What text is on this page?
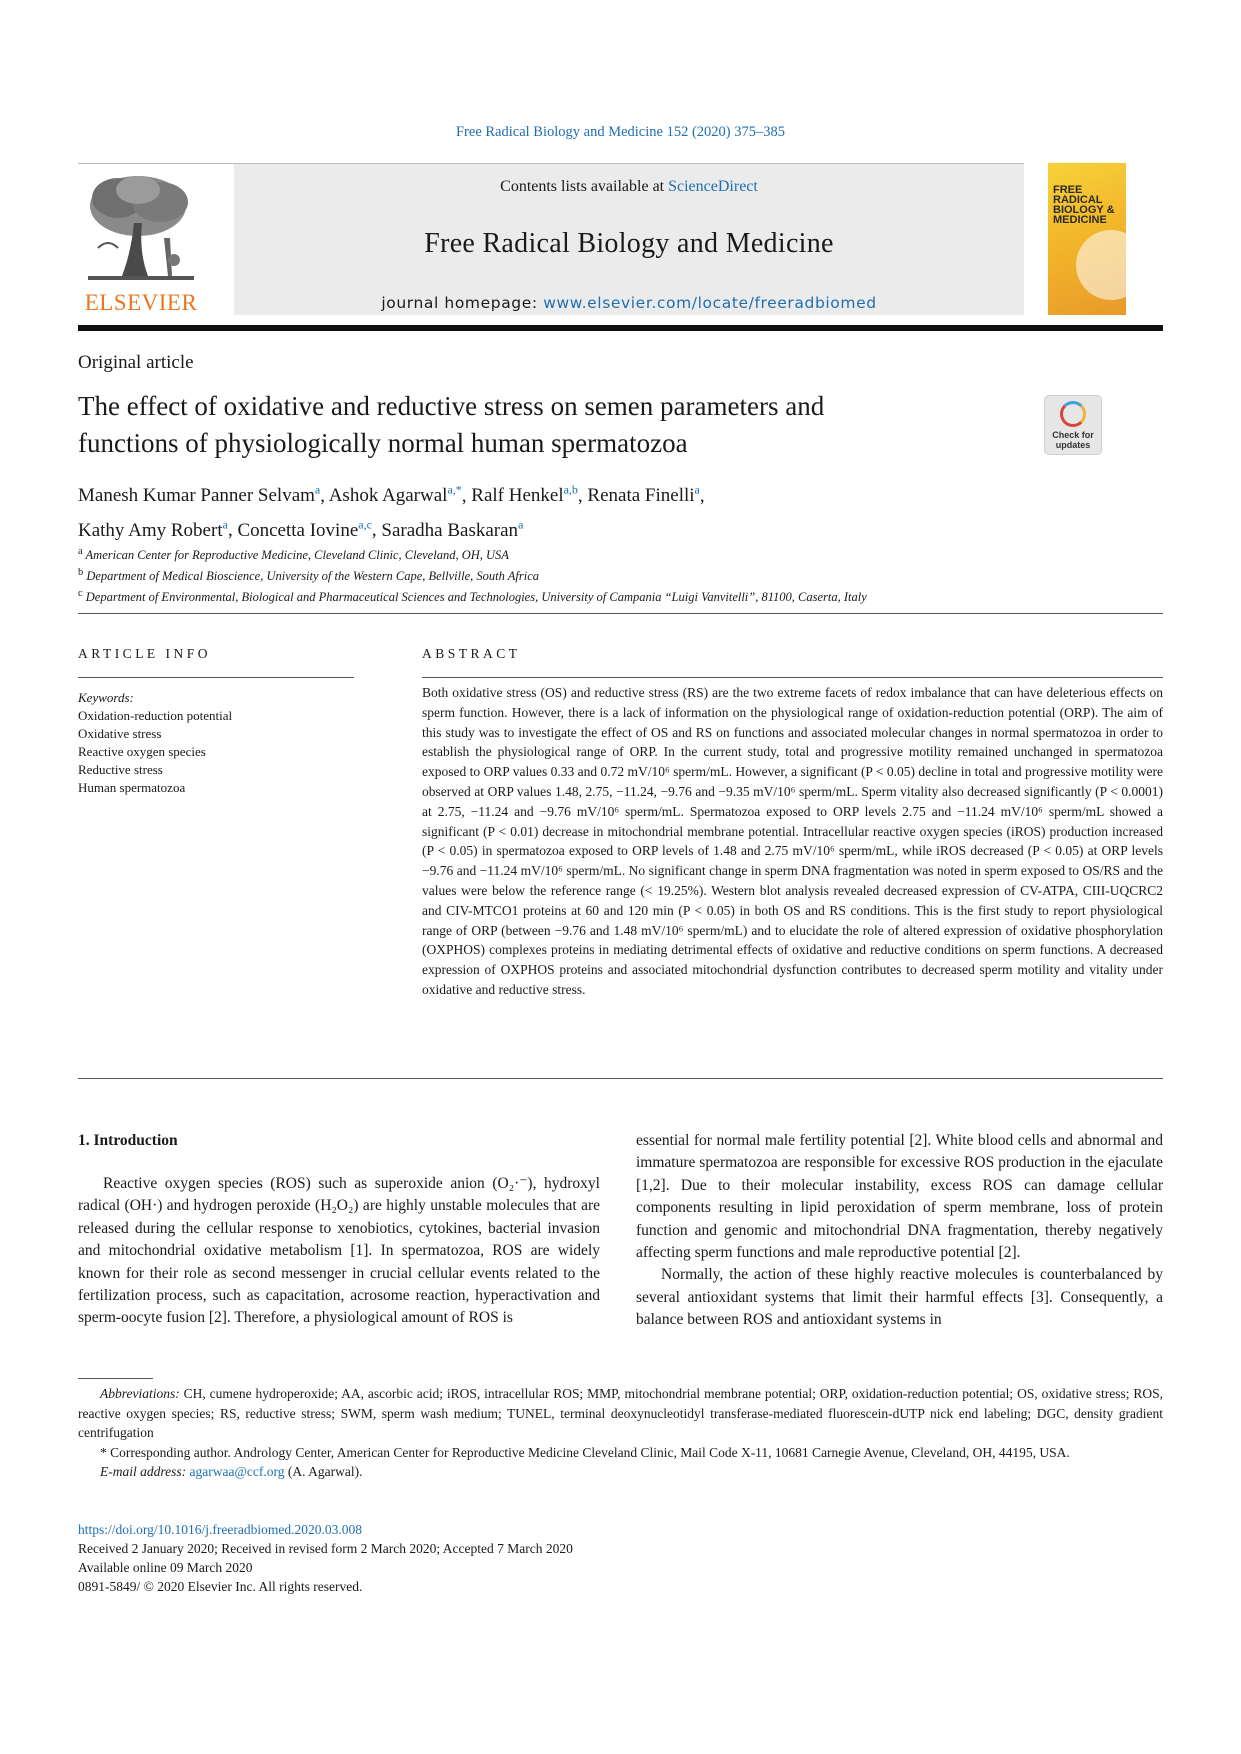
Free Radical Biology and Medicine 152 (2020) 375–385
Contents lists available at ScienceDirect
Free Radical Biology and Medicine
journal homepage: www.elsevier.com/locate/freeradbiomed
ELSEVIER
FREE RADICAL BIOLOGY & MEDICINE
Original article
The effect of oxidative and reductive stress on semen parameters and
functions of physiologically normal human spermatozoa	Check for updates
Manesh Kumar Panner Selvam$^a$, Ashok Agarwal$^{a,*}$, Ralf Henkel$^{a,b}$, Renata Finelli$^a$,
Kathy Amy Robert$^a$, Concetta Iovine$^{a,c}$, Saradha Baskaran$^a$
$^a$ American Center for Reproductive Medicine, Cleveland Clinic, Cleveland, OH, USA
$^b$ Department of Medical Bioscience, University of the Western Cape, Bellville, South Africa
$^c$ Department of Environmental, Biological and Pharmaceutical Sciences and Technologies, University of Campania “Luigi Vanvitelli”, 81100, Caserta, Italy
ARTICLE INFO
Keywords:
Oxidation-reduction potential
Oxidative stress
Reactive oxygen species
Reductive stress
Human spermatozoa
ABSTRACT
Both oxidative stress (OS) and reductive stress (RS) are the two extreme facets of redox imbalance that can have deleterious effects on sperm function. However, there is a lack of information on the physiological range of oxidation-reduction potential (ORP). The aim of this study was to investigate the effect of OS and RS on functions and associated molecular changes in normal spermatozoa in order to establish the physiological range of ORP. In the current study, total and progressive motility remained unchanged in spermatozoa exposed to ORP values 0.33 and 0.72 mV/10⁶ sperm/mL. However, a significant (P < 0.05) decline in total and progressive motility were observed at ORP values 1.48, 2.75, −11.24, −9.76 and −9.35 mV/10⁶ sperm/mL. Sperm vitality also decreased significantly (P < 0.0001) at 2.75, −11.24 and −9.76 mV/10⁶ sperm/mL. Spermatozoa exposed to ORP levels 2.75 and −11.24 mV/10⁶ sperm/mL showed a significant (P < 0.01) decrease in mitochondrial membrane potential. Intracellular reactive oxygen species (iROS) production increased (P < 0.05) in spermatozoa exposed to ORP levels of 1.48 and 2.75 mV/10⁶ sperm/mL, while iROS decreased (P < 0.05) at ORP levels −9.76 and −11.24 mV/10⁶ sperm/mL. No significant change in sperm DNA fragmentation was noted in sperm exposed to OS/RS and the values were below the reference range (< 19.25%). Western blot analysis revealed decreased expression of CV-ATPA, CIII-UQCRC2 and CIV-MTCO1 proteins at 60 and 120 min (P < 0.05) in both OS and RS conditions. This is the first study to report physiological range of ORP (between −9.76 and 1.48 mV/10⁶ sperm/mL) and to elucidate the role of altered expression of oxidative phosphorylation (OXPHOS) complexes proteins in mediating detrimental effects of oxidative and reductive conditions on sperm functions. A decreased expression of OXPHOS proteins and associated mitochondrial dysfunction contributes to decreased sperm motility and vitality under oxidative and reductive stress.
1. Introduction

Reactive oxygen species (ROS) such as superoxide anion (O₂·⁻), hydroxyl radical (OH·) and hydrogen peroxide (H₂O₂) are highly unstable molecules that are released during the cellular response to xenobiotics, cytokines, bacterial invasion and mitochondrial oxidative metabolism [1]. In spermatozoa, ROS are widely known for their role as second messenger in crucial cellular events related to the fertilization process, such as capacitation, acrosome reaction, hyperactivation and sperm-oocyte fusion [2]. Therefore, a physiological amount of ROS is

essential for normal male fertility potential [2]. White blood cells and abnormal and immature spermatozoa are responsible for excessive ROS production in the ejaculate [1,2]. Due to their molecular instability, excess ROS can damage cellular components resulting in lipid peroxidation of sperm membrane, loss of protein function and genomic and mitochondrial DNA fragmentation, thereby negatively affecting sperm functions and male reproductive potential [2].

Normally, the action of these highly reactive molecules is counterbalanced by several antioxidant systems that limit their harmful effects [3]. Consequently, a balance between ROS and antioxidant systems in

Abbreviations: CH, cumene hydroperoxide; AA, ascorbic acid; iROS, intracellular ROS; MMP, mitochondrial membrane potential; ORP, oxidation-reduction potential; OS, oxidative stress; ROS, reactive oxygen species; RS, reductive stress; SWM, sperm wash medium; TUNEL, terminal deoxynucleotidyl transferase-mediated fluorescein-dUTP nick end labeling; DGC, density gradient centrifugation

* Corresponding author. Andrology Center, American Center for Reproductive Medicine Cleveland Clinic, Mail Code X-11, 10681 Carnegie Avenue, Cleveland, OH, 44195, USA.

E-mail address: agarwaa@ccf.org (A. Agarwal).

https://doi.org/10.1016/j.freeradbiomed.2020.03.008
Received 2 January 2020; Received in revised form 2 March 2020; Accepted 7 March 2020
Available online 09 March 2020
0891-5849/ © 2020 Elsevier Inc. All rights reserved.
